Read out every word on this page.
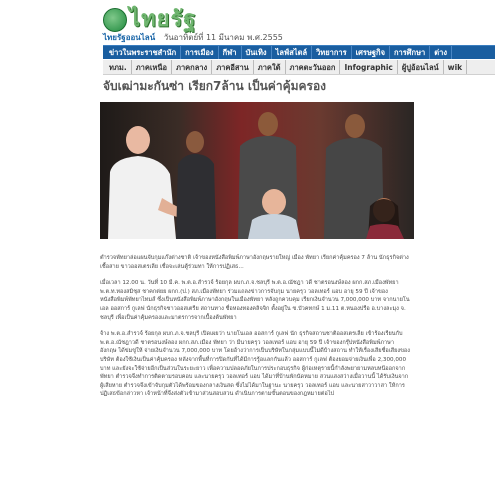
ไทยรัฐ
ไทยรัฐออนไลน์ วันอาทิตย์ที่ 11 มีนาคม พ.ศ.2555
ข่าวในพระราชสำนัก	การเมือง	กีฬา	บันเทิง	ไลฟ์สไตล์	วิทยาการ	เศรษฐกิจ	การศึกษา	ต่าง
ทภม.	ภาคเหนือ	ภาคกลาง	ภาคอีสาน	ภาคใต้	ภาคตะวันออก	Infographic	ผู้ปูอ้อนไลน์	wik
จับเฒ่ามะกันซ่า เรียก7ล้าน เป็นค่าคุ้มครอง

ตำรวจพัทยาล่อแผนจับกุมแก๊งต่างชาติ เจ้าของหนังสือพิมพ์ภาษาอังกฤษรายใหญ่ เมือง พัทยา เรียกค่าคุ้มครอง 7 ล้าน นักธุรกิจต่างเชื้อสาย ขาวออสเตรเลีย เชื่อจะเล่นตู้ร่วมทา ให้การปฏิเสธ...

เมื่อเวลา 12.00 น. วันที่ 10 มี.ค. พ.ต.อ.สำรวจ์ ร้อยกุล ผบก.ภ.จ.ชลบุรี พ.ต.อ.ณัชฎา วดี ชาตรอนงษ์ลอง ผกก.สภ.เมืองพัทยา พ.ต.ท.ทองสมิชุส ชาคกต่ยย ผกก.(ป.) สภ.เมืองพัทยา ร่วมแถลงข่าวการจับกุม นายครุว วอลเทอร์ แอบ อายุ 59 ปี เจ้าของ หนังสือพิมพ์พัทยาไทมส์ ซึ่งเป็นหนังสือพิมพ์ภาษาอังกฤษในเมืองพัทยา หลังถูกควบคุม เรียกเงินจำนวน 7,000,000 บาท จากนายโนเอล ออสการ์ กูเลฟ นักธุรกิจชาวออสเตรีย สถานทาง ชื่อหองทองคลิจจิก ตั้งอยู่ใน ซ.บัวคทกษ์ 1 ม.11 ต.หนองปรือ อ.บางละมุง จ. ชลบุรี เพื่อเป็นค่าคุ้มครองและมาตรการจากเบื้องต้นพัทยา

จ้าง พ.ต.อ.สำรวจ์ ร้อยกุล ผบก.ภ.จ.ชลบุรี เปิดเผยว่า นายโนเอล ออสการ์ กูเลฟ นัก ธุรกิจสถานชาติออสเตรเลีย เข้าร้องเรียนกับ พ.ต.อ.ณัชฎาวดี ชาตรอนงษ์ลอง ผกก.สภ.เมือง พัทยา ว่า มีนายครุว วอลเทอร์ แอบ อายุ 59 ปี เจ้าของกรุ๊ปหนังสือพิมพ์ภาษาอังกฤษ ได้ข่มขู่ให้ จ่ายเงินจำนวน 7,000,000 บาท โดยอ้างว่าการเป็นบริษัทในกลุ่มแบบนี้ไม่ดีบ้างสถาน ทำให้เรื่องเสียชื่อเสียงของบริษัท ต้องใช้เงินเป็นค่าคุ้มครอง หลังจากพื้นที่การปิดกันที่ได้มีการรู้อแลกกันแล้ว ออสการ์ กูเลฟ ต้องยอมจ่ายเงินเพื่อ 2,300,000 บาท และยังจะใช้จ่ายอีกเป็นส่วนในระยะยาว เพื่อความปลอดภัยในการประกอบธุรกิจ ผู้ก่อเหตุรายนี้กำลังพยายามหลบหนีออกจากพัทยา ตำรวจจึงทำการติดตามรอบคอบ และนายครุว วอลเทอร์ แอบ ได้มาที่บ้านพักนัดหมาย สวนแสงสว่างเมื่อวานนี้ ได้รับเงินจากผู้เสียหาย ตำรวจจึงเข้าจับกุมตัวได้พร้อมของกลางเงินสด ซึ่งไม่ได้มาในฐานะ นายครุว วอลเทอร์ แอบ และนายสาวาวาสา ให้การปฏิเสธข้อกล่าวหา เจ้าหน้าที่จึงส่งตัวเข้ามาส่วนสอบสวน ดำเนินการตามขั้นตอนของกฎหมายต่อไป
